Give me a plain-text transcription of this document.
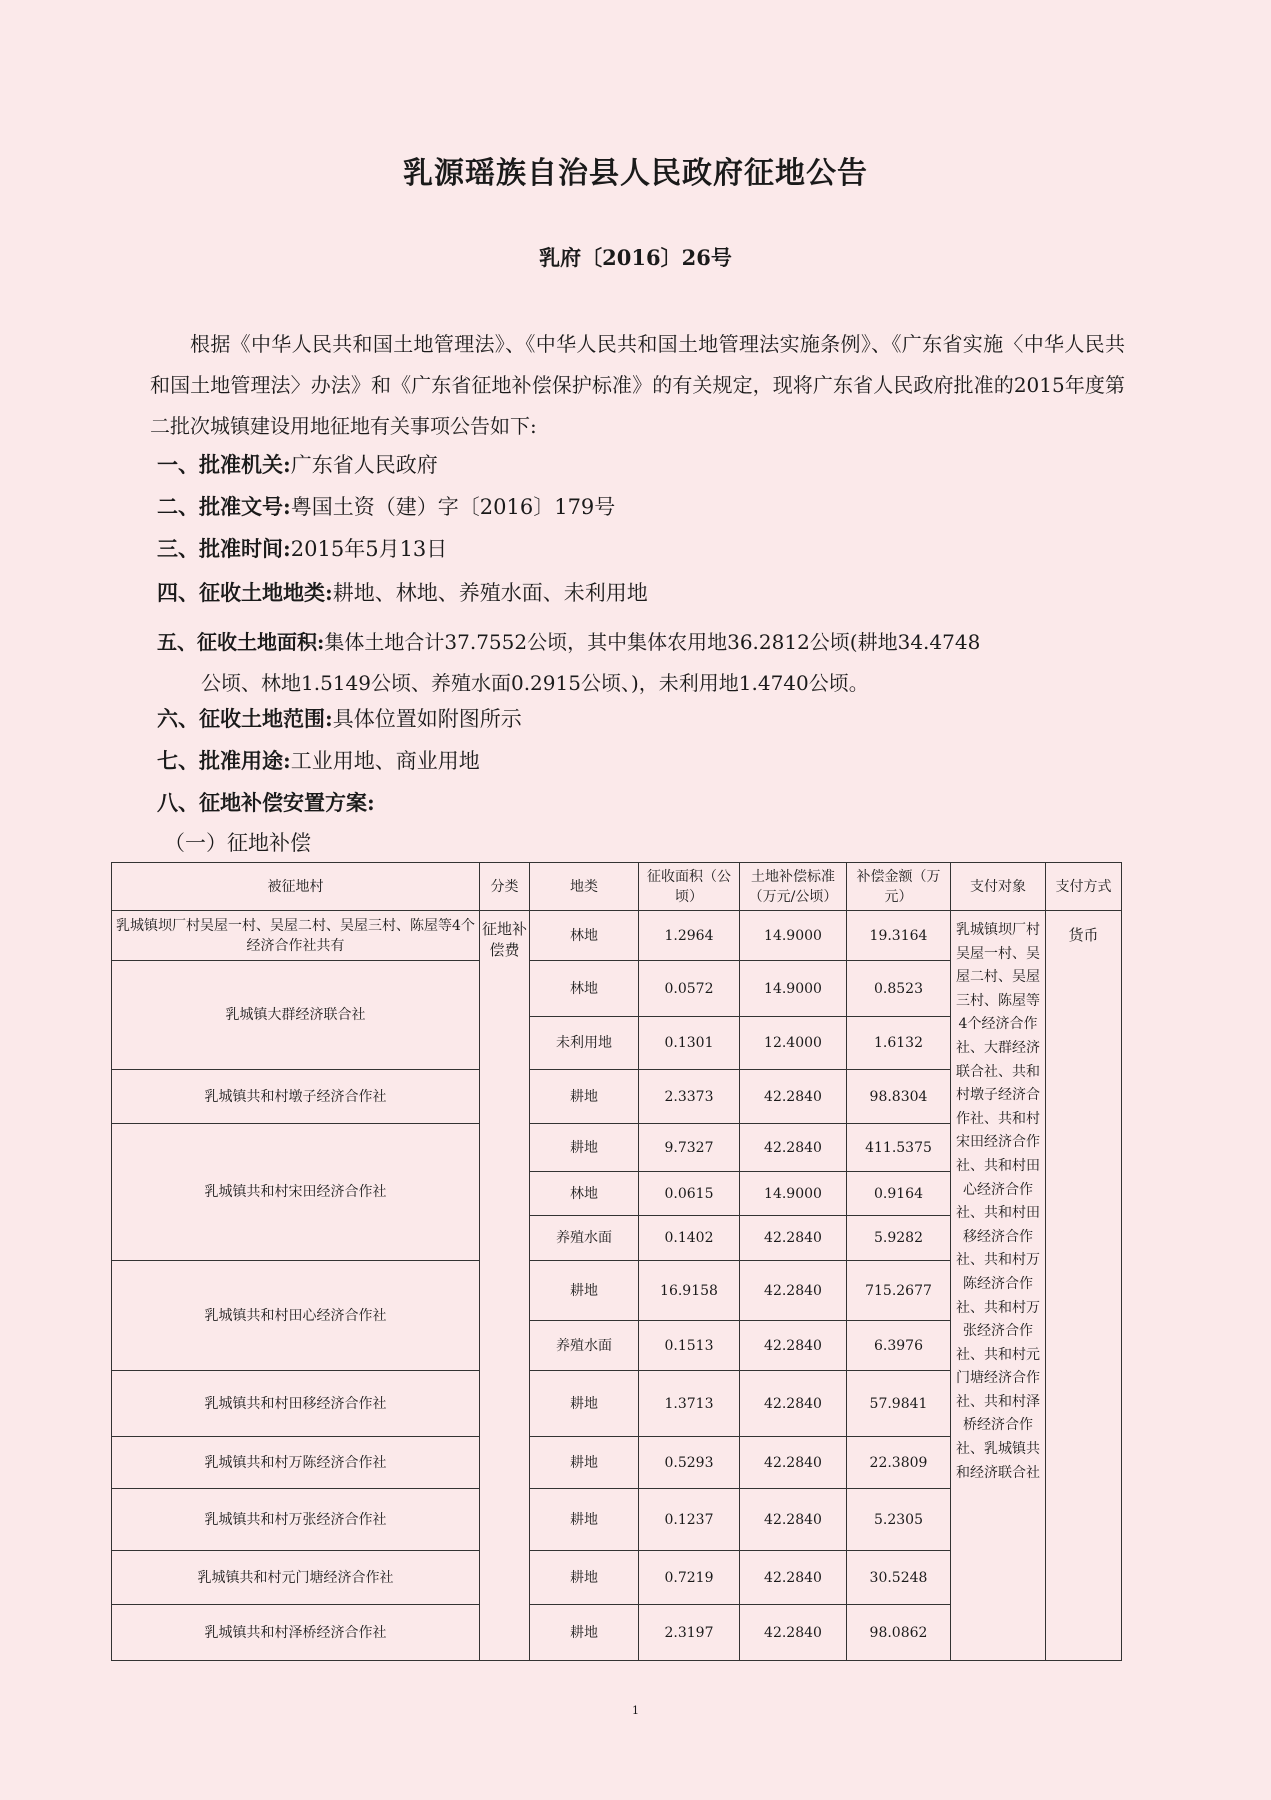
乳源瑶族自治县人民政府征地公告
乳府〔2016〕26号
根据《中华人民共和国土地管理法》、《中华人民共和国土地管理法实施条例》、《广东省实施〈中华人民共和国土地管理法〉办法》和《广东省征地补偿保护标准》的有关规定，现将广东省人民政府批准的2015年度第二批次城镇建设用地征地有关事项公告如下:
一、批准机关:广东省人民政府
二、批准文号:粤国土资（建）字〔2016〕179号
三、批准时间:2015年5月13日
四、征收土地地类:耕地、林地、养殖水面、未利用地
五、征收土地面积:集体土地合计37.7552公顷，其中集体农用地36.2812公顷(耕地34.4748
公顷、林地1.5149公顷、养殖水面0.2915公顷、)，未利用地1.4740公顷。
六、征收土地范围:具体位置如附图所示
七、批准用途:工业用地、商业用地
八、征地补偿安置方案:
（一）征地补偿
被征地村	分类	地类	征收面积（公顷）	土地补偿标准（万元/公顷）	补偿金额（万元）	支付对象	支付方式
乳城镇坝厂村吴屋一村、吴屋二村、吴屋三村、陈屋等4个经济合作社共有	征地补偿费	林地	1.2964	14.9000	19.3164	乳城镇坝厂村吴屋一村、吴屋二村、吴屋三村、陈屋等4个经济合作社、大群经济联合社、共和村墩子经济合作社、共和村宋田经济合作社、共和村田心经济合作社、共和村田移经济合作社、共和村万陈经济合作社、共和村万张经济合作社、共和村元门塘经济合作社、共和村泽桥经济合作社、乳城镇共和经济联合社	货币
乳城镇大群经济联合社		林地	0.0572	14.9000	0.8523		
		未利用地	0.1301	12.4000	1.6132		
乳城镇共和村墩子经济合作社		耕地	2.3373	42.2840	98.8304		
乳城镇共和村宋田经济合作社		耕地	9.7327	42.2840	411.5375		
		林地	0.0615	14.9000	0.9164		
		养殖水面	0.1402	42.2840	5.9282		
乳城镇共和村田心经济合作社		耕地	16.9158	42.2840	715.2677		
		养殖水面	0.1513	42.2840	6.3976		
乳城镇共和村田移经济合作社		耕地	1.3713	42.2840	57.9841		
乳城镇共和村万陈经济合作社		耕地	0.5293	42.2840	22.3809		
乳城镇共和村万张经济合作社		耕地	0.1237	42.2840	5.2305		
乳城镇共和村元门塘经济合作社		耕地	0.7219	42.2840	30.5248		
乳城镇共和村泽桥经济合作社		耕地	2.3197	42.2840	98.0862		
1
